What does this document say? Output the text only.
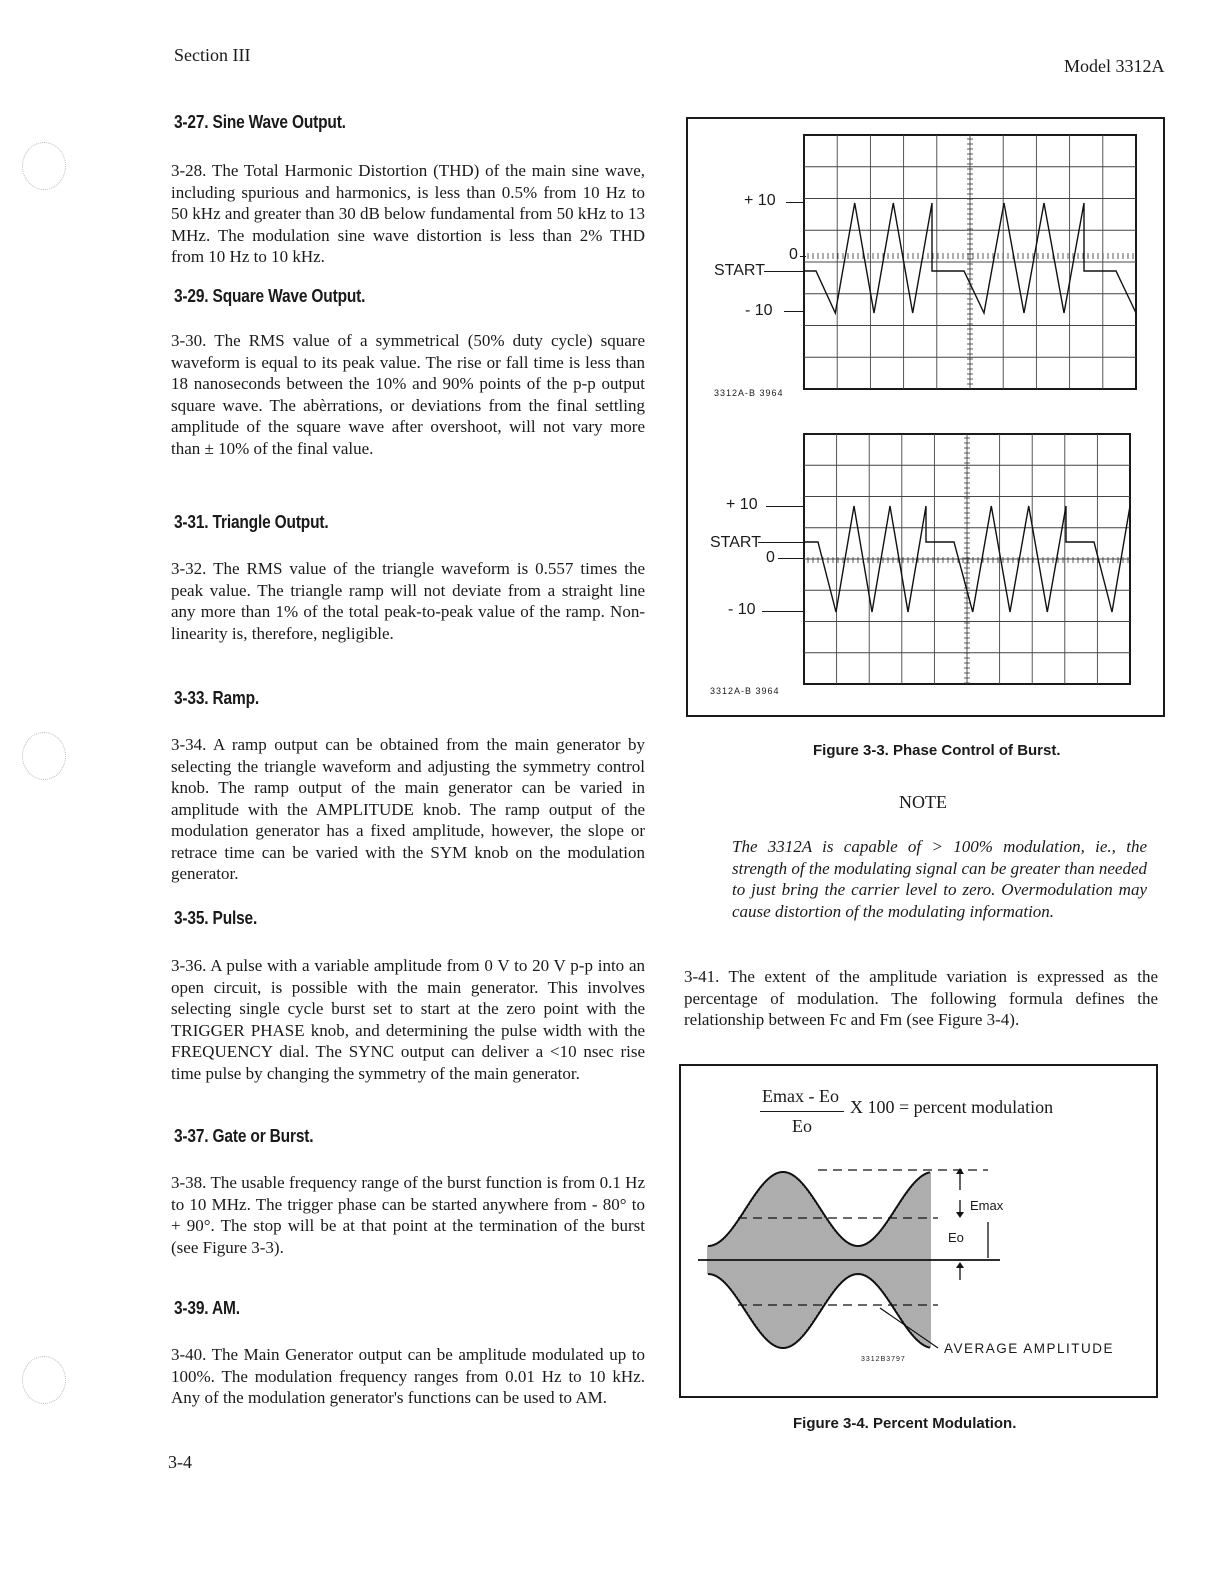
Section III
Model 3312A
3-27. Sine Wave Output.
3-28. The Total Harmonic Distortion (THD) of the main sine wave, including spurious and harmonics, is less than 0.5% from 10 Hz to 50 kHz and greater than 30 dB below fundamental from 50 kHz to 13 MHz. The modulation sine wave distortion is less than 2% THD from 10 Hz to 10 kHz.
3-29. Square Wave Output.
3-30. The RMS value of a symmetrical (50% duty cycle) square waveform is equal to its peak value. The rise or fall time is less than 18 nanoseconds between the 10% and 90% points of the p-p output square wave. The abèrrations, or deviations from the final settling amplitude of the square wave after overshoot, will not vary more than ± 10% of the final value.
3-31. Triangle Output.
3-32. The RMS value of the triangle waveform is 0.557 times the peak value. The triangle ramp will not deviate from a straight line any more than 1% of the total peak-to-peak value of the ramp. Non-linearity is, therefore, negligible.
3-33. Ramp.
3-34. A ramp output can be obtained from the main generator by selecting the triangle waveform and adjusting the symmetry control knob. The ramp output of the main generator can be varied in amplitude with the AMPLITUDE knob. The ramp output of the modulation generator has a fixed amplitude, however, the slope or retrace time can be varied with the SYM knob on the modulation generator.
3-35. Pulse.
3-36. A pulse with a variable amplitude from 0 V to 20 V p-p into an open circuit, is possible with the main generator. This involves selecting single cycle burst set to start at the zero point with the TRIGGER PHASE knob, and determining the pulse width with the FREQUENCY dial. The SYNC output can deliver a <10 nsec rise time pulse by changing the symmetry of the main generator.
3-37. Gate or Burst.
3-38. The usable frequency range of the burst function is from 0.1 Hz to 10 MHz. The trigger phase can be started anywhere from - 80° to + 90°. The stop will be at that point at the termination of the burst (see Figure 3-3).
3-39. AM.
3-40. The Main Generator output can be amplitude modulated up to 100%. The modulation frequency ranges from 0.01 Hz to 10 kHz. Any of the modulation generator's functions can be used to AM.
3-4
+ 10
0
START
- 10
3312A-B 3964
+ 10
START
0
- 10
3312A-B 3964
Figure 3-3. Phase Control of Burst.
NOTE
The 3312A is capable of > 100% modulation, ie., the strength of the modulating signal can be greater than needed to just bring the carrier level to zero. Overmodulation may cause distortion of the modulating information.
3-41. The extent of the amplitude variation is expressed as the percentage of modulation. The following formula defines the relationship between Fc and Fm (see Figure 3-4).
Emax - Eo
X 100 = percent modulation
Eo
Emax
Eo
AVERAGE AMPLITUDE
3312B3797
Figure 3-4. Percent Modulation.
